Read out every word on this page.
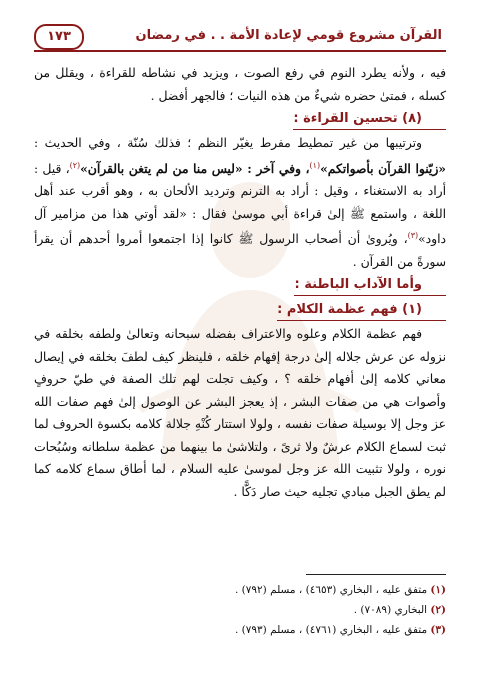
القرآن مشروع قومي لإعادة الأمة . . في رمضان
١٧٣

فيه ، ولأنه يطرد النوم في رفع الصوت ، ويزيد في نشاطه للقراءة ، ويقلل من كسله ، فمتىٰ حضره شيءٌ من هذه النيات ؛ فالجهر أفضل .

(٨) تحسين القراءة :

وترتيبها من غير تمطيط مفرط يغيّر النظم ؛ فذلك سُنّة ، وفي الحديث : «زيّنوا القرآن بأصواتكم»$^{(١)}$، وفي آخر : «ليس منا من لم يتغن بالقرآن»$^{(٢)}$، قيل : أراد به الاستغناء ، وقيل : أراد به الترنم وترديد الألحان به ، وهو أقرب عند أهل اللغة ، واستمع ﷺ إلىٰ قراءة أبي موسىٰ فقال : «لقد أوتي هذا من مزامير آل داود»$^{(٣)}$، ويُروىٰ أن أصحاب الرسول ﷺ كانوا إذا اجتمعوا أمروا أحدهم أن يقرأ سورةً من القرآن .

وأما الآداب الباطنة :
(١) فهم عظمة الكلام :

فهم عظمة الكلام وعلوه والاعتراف بفضله سبحانه وتعالىٰ ولطفه بخلقه في نزوله عن عرش جلاله إلىٰ درجة إفهام خلقه ، فلينظر كيف لطفَ بخلقه في إيصال معاني كلامه إلىٰ أفهام خلقه ؟ ، وكيف تجلت لهم تلك الصفة في طيّ حروفٍ وأصوات هي من صفات البشر ، إذ يعجز البشر عن الوصول إلىٰ فهم صفات الله عز وجل إلا بوسيلة صفات نفسه ، ولولا استتار كُنْهِ جلالة كلامه بكسوة الحروف لما ثبت لسماع الكلام عرشٌ ولا ثرىً ، ولتلاشىٰ ما بينهما من عظمة سلطانه وسُبُحات نوره ، ولولا تثبيت الله عز وجل لموسىٰ عليه السلام ، لما أطاق سماع كلامه كما لم يطق الجبل مبادي تجليه حيث صار دَكًّا .

(١) متفق عليه ، البخاري (٤٦٥٣) ، مسلم (٧٩٢) .
(٢) البخاري (٧٠٨٩) .
(٣) متفق عليه ، البخاري (٤٧٦١) ، مسلم (٧٩٣) .
